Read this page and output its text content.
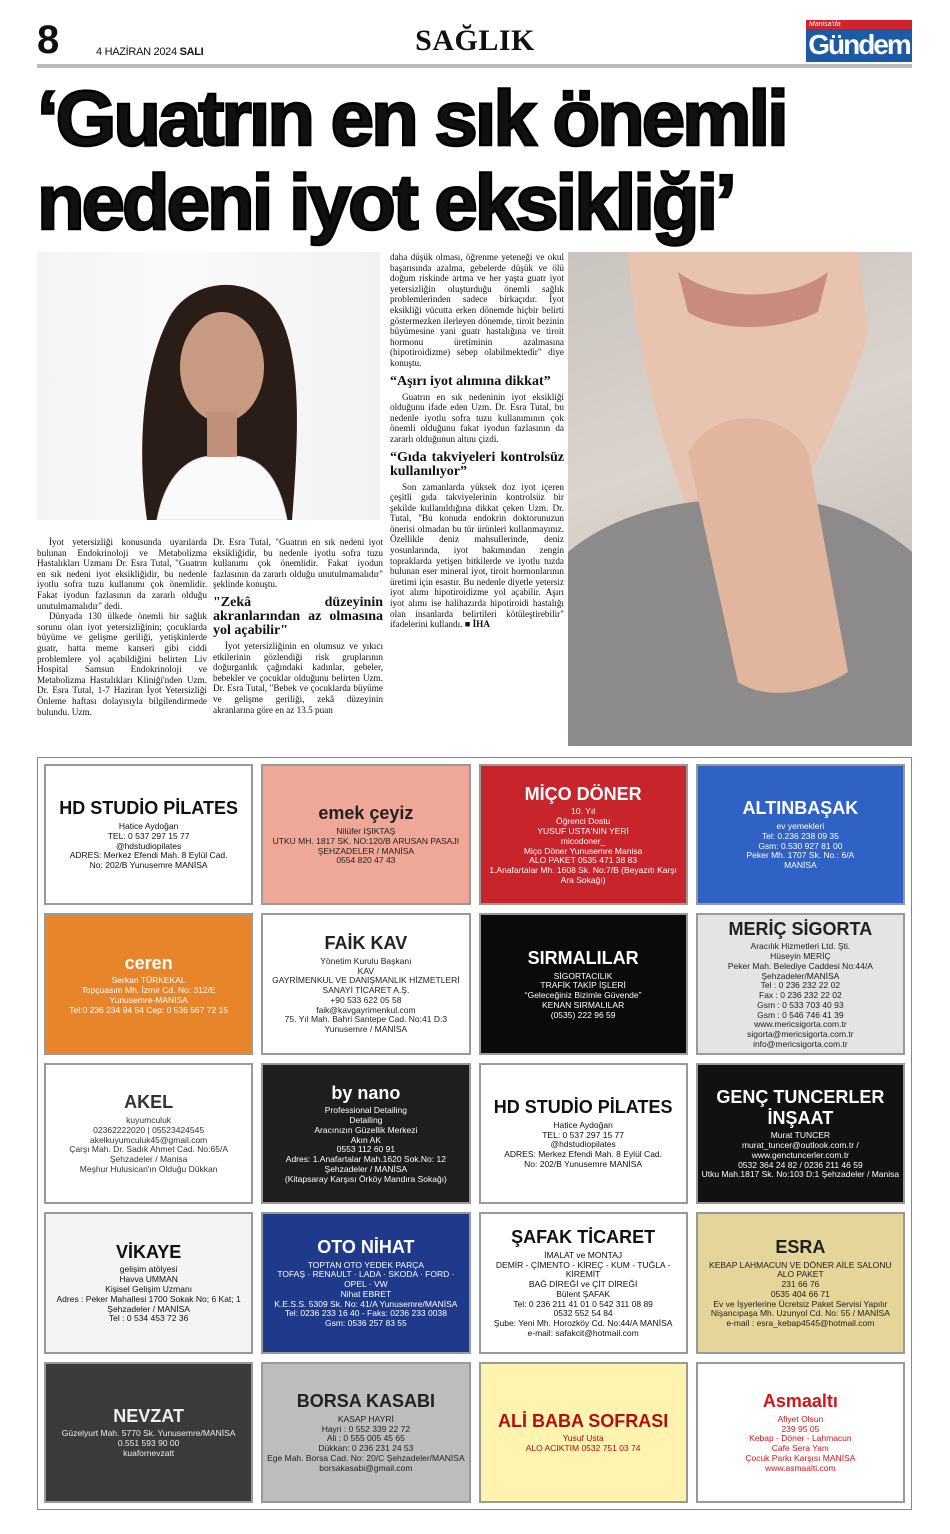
8	4 HAZİRAN 2024 SALI	SAĞLIK	Manisa'da
Gündem
‘Guatrın en sık önemli
nedeni iyot eksikliği’

İyot yetersizliği konusunda uyarılarda bulunan Endokrinoloji ve Metabolizma Hastalıkları Uzmanı Dr. Esra Tutal, "Guatrın en sık nedeni iyot eksikliğidir, bu nedenle iyotlu sofra tuzu kullanımı çok önemlidir. Fakat iyodun fazlasının da zararlı olduğu unutulmamalıdır" dedi.

Dünyada 130 ülkede önemli bir sağlık sorunu olan iyot yetersizliğinin; çocuklarda büyüme ve gelişme geriliği, yetişkinlerde guatr, hatta meme kanseri gibi ciddi problemlere yol açabildiğini belirten Liv Hospital Samsun Endokrinoloji ve Metabolizma Hastalıkları Kliniği'nden Uzm. Dr. Esra Tutal, 1-7 Haziran İyot Yetersizliği Önleme haftası dolayısıyla bilgilendirmede bulundu. Uzm.

Dr. Esra Tutal, "Guatrın en sık nedeni iyot eksikliğidir, bu nedenle iyotlu sofra tuzu kullanımı çok önemlidir. Fakat iyodun fazlasının da zararlı olduğu unutulmamalıdır" şeklinde konuştu.

"Zekâ düzeyinin akranlarından az olmasına yol açabilir"

İyot yetersizliğinin en olumsuz ve yıkıcı etkilerinin gözlendiği risk gruplarının doğurganlık çağındaki kadınlar, gebeler, bebekler ve çocuklar olduğunu belirten Uzm. Dr. Esra Tutal, "Bebek ve çocuklarda büyüme ve gelişme geriliği, zekâ düzeyinin akranlarına göre en az 13.5 puan

daha düşük olması, öğrenme yeteneği ve okul başarısında azalma, gebelerde düşük ve ölü doğum riskinde artma ve her yaşta guatr iyot yetersizliğin oluşturduğu önemli sağlık problemlerinden sadece birkaçıdır. İyot eksikliği vücutta erken dönemde hiçbir belirti göstermezken ilerleyen dönemde, tiroit bezinin büyümesine yani guatr hastalığına ve tiroit hormonu üretiminin azalmasına (hipotiroidizme) sebep olabilmektedir" diye konuştu.

“Aşırı iyot alımına dikkat”

Guatrın en sık nedeninin iyot eksikliği olduğunu ifade eden Uzm. Dr. Esra Tutal, bu nedenle iyotlu sofra tuzu kullanımının çok önemli olduğunu fakat iyodun fazlasının da zararlı olduğunun altını çizdi.

“Gıda takviyeleri kontrolsüz kullanılıyor”

Son zamanlarda yüksek doz iyot içeren çeşitli gıda takviyelerinin kontrolsüz bir şekilde kullanıldığına dikkat çeken Uzm. Dr. Tutal, "Bu konuda endokrin doktorunuzun önerisi olmadan bu tür ürünleri kullanmayınız. Özellikle deniz mahsullerinde, deniz yosunlarında, iyot bakımından zengin topraklarda yetişen bitkilerde ve iyotlu tuzda bulunan eser mineral iyot, tiroit hormonlarının üretimi için esastır. Bu nedenle diyetle yetersiz iyot alımı hipotiroidizme yol açabilir. Aşırı iyot alımı ise halihazırda hipotiroidi hastalığı olan insanlarda belirtileri kötüleştirebilir" ifadelerini kullandı. ■ İHA

HD STUDİO PİLATES
Hatice Aydoğan
TEL: 0 537 297 15 77
@hdstudiopilates
ADRES: Merkez Efendi Mah. 8 Eylül Cad.
No: 202/B Yunusemre MANİSA
emek çeyiz
Nilüfer IŞIKTAŞ
UTKU MH. 1817 SK. NO:120/B ARUSAN PASAJI
ŞEHZADELER / MANİSA
0554 820 47 43
MİÇO DÖNER
10. Yıl
Öğrenci Dostu
YUSUF USTA'NIN YERİ
micodoner_
Miço Döner Yunusemre Manisa
ALO PAKET 0535 471 38 83
1.Anafartalar Mh. 1608 Sk. No:7/B (Beyazıtı Karşı Ara Sokağı)
ALTINBAŞAK
ev yemekleri
Tel: 0.236 238 09 35
Gsm: 0.530 927 81 00
Peker Mh. 1707 Sk. No.: 6/A
MANİSA
ceren
Serkan TÜRKEKAL
Topçuasım Mh. İzmir Cd. No: 312/E
Yunusemre-MANİSA
Tel:0 236 234 94 54 Cep: 0 536 567 72 15
FAİK KAV
Yönetim Kurulu Başkanı
KAV
GAYRİMENKUL VE DANIŞMANLIK HİZMETLERİ SANAYİ TİCARET A.Ş.
+90 533 622 05 58
faik@kavgayrimenkul.com
75. Yıl Mah. Bahri Santepe Cad. No:41 D:3 Yunusemre / MANİSA
SIRMALILAR
SİGORTACILIK
TRAFİK TAKİP İŞLERİ
“Geleceğiniz Bizimle Güvende”
KENAN SIRMALILAR
(0535) 222 96 59
MERİÇ SİGORTA
Aracılık Hizmetleri Ltd. Şti.
Hüseyin MERİÇ
Peker Mah. Belediye Caddesi No:44/A Şehzadeler/MANİSA
Tel : 0 236 232 22 02
Fax : 0 236 232 22 02
Gsm : 0 533 703 40 93
Gsm : 0 546 746 41 39
www.mericsigorta.com.tr
sigorta@mericsigorta.com.tr
info@mericsigorta.com.tr
AKEL
kuyumculuk
02362222020 | 05523424545
akelkuyumculuk45@gmail.com
Çarşı Mah. Dr. Sadık Ahmet Cad. No:65/A Şehzadeler / Manisa
Meşhur Hulusican'ın Olduğu Dükkan
by nano
Professional Detailing
Detailing
Aracınızın Güzellik Merkezi
Akın AK
0553 112 60 91
Adres: 1.Anafartalar Mah.1620 Sok.No: 12 Şehzadeler / MANİSA
(Kitapsaray Karşısı Örköy Mandıra Sokağı)
HD STUDİO PİLATES
Hatice Aydoğan
TEL: 0 537 297 15 77
@hdstudiopilates
ADRES: Merkez Efendi Mah. 8 Eylül Cad.
No: 202/B Yunusemre MANİSA
GENÇ TUNCERLER İNŞAAT
Murat TUNCER
murat_tuncer@outlook.com.tr / www.genctuncerler.com.tr
0532 364 24 82 / 0236 211 46 59
Utku Mah.1817 Sk. No:103 D:1 Şehzadeler / Manisa
VİKAYE
gelişim atölyesi
Havva UMMAN
Kişisel Gelişim Uzmanı
Adres : Peker Mahallesi 1700 Sokak No; 6 Kat; 1
Şehzadeler / MANİSA
Tel : 0 534 453 72 36
OTO NİHAT
TOPTAN OTO YEDEK PARÇA
TOFAŞ · RENAULT · LADA · SKODA · FORD · OPEL · VW
Nihat EBRET
K.E.S.S. 5309 Sk. No: 41/A Yunusemre/MANİSA
Tel: 0236 233 16 40 - Faks: 0236 233 0038
Gsm: 0536 257 83 55
ŞAFAK TİCARET
İMALAT ve MONTAJ
DEMİR - ÇİMENTO - KİREÇ - KUM - TUĞLA - KİREMİT
BAĞ DİREĞİ ve ÇİT DİREĞİ
Bülent ŞAFAK
Tel: 0 236 211 41 01 0 542 311 08 89
0532 552 54 84
Şube: Yeni Mh. Horozköy Cd. No:44/A MANİSA
e-mail: safakcit@hotmail.com
ESRA
KEBAP LAHMACUN VE DÖNER AİLE SALONU
ALO PAKET
231 66 76
0535 404 66 71
Ev ve İşyerlerine Ücretsiz Paket Servisi Yapılır
Nişancıpaşa Mh. Uzunyol Cd. No: 55 / MANİSA
e-mail : esra_kebap4545@hotmail.com
NEVZAT
Güzelyurt Mah. 5770 Sk. Yunusemre/MANİSA
0.551 593 90 00
kuafornevzatt
BORSA KASABI
KASAP HAYRİ
Hayri : 0 552 339 22 72
Ali : 0 555 005 45 65
Dükkan: 0 236 231 24 53
Ege Mah. Borsa Cad. No: 20/C Şehzadeler/MANİSA
borsakasabi@gmail.com
ALİ BABA SOFRASI
Yusuf Usta
ALO ACIKTIM 0532 751 03 74
Asmaaltı
Afiyet Olsun
239 95 05
Kebap - Döner - Lahmacun
Cafe Sera Yanı
Çocuk Parkı Karşısı MANİSA
www.asmaalti.com
